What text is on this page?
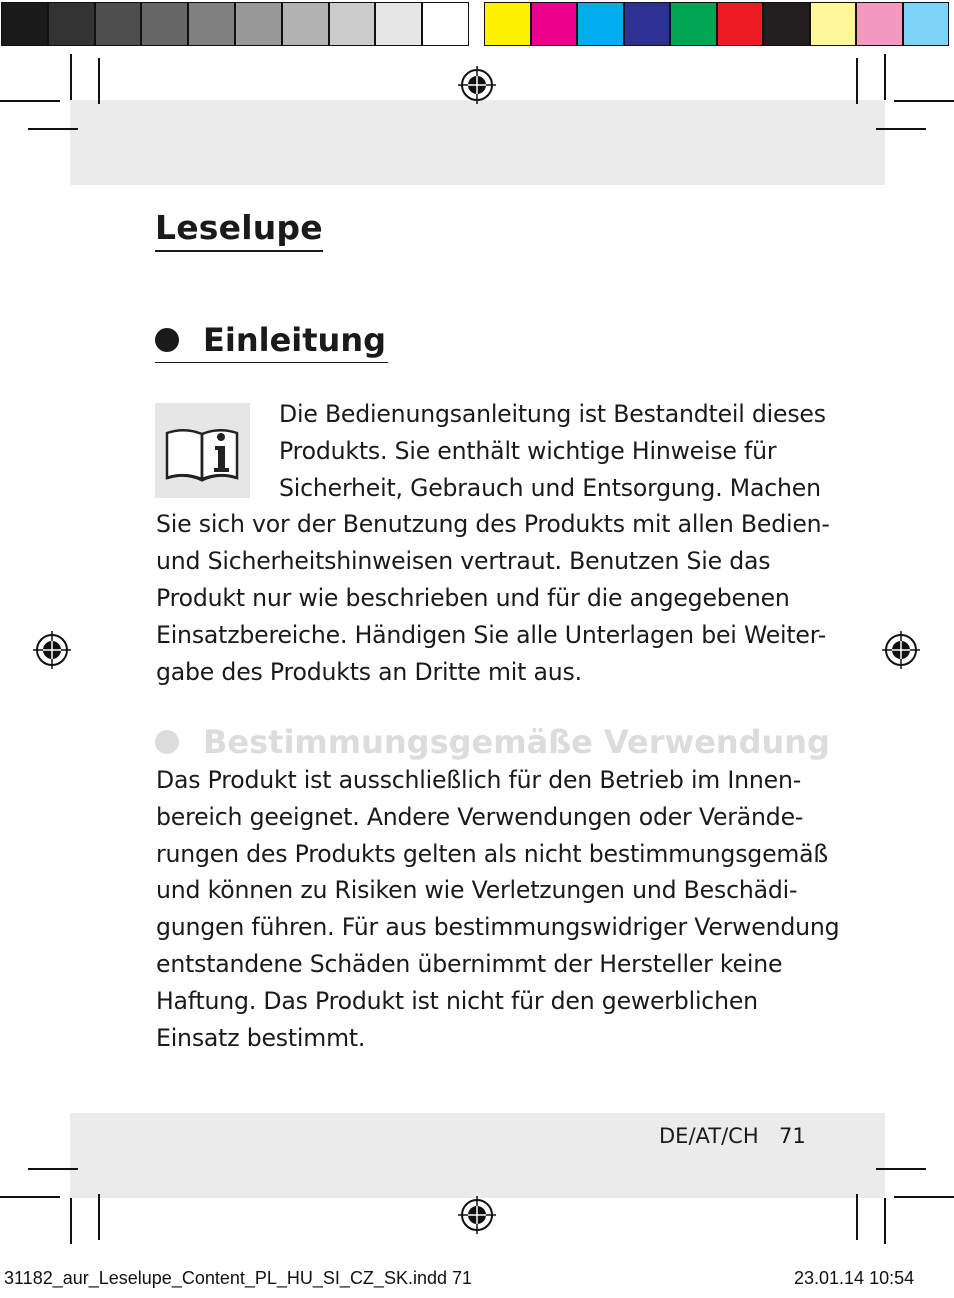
Leselupe
Einleitung

Die Bedienungsanleitung ist Bestandteil dieses
Produkts. Sie enthält wichtige Hinweise für
Sicherheit, Gebrauch und Entsorgung. Machen
Sie sich vor der Benutzung des Produkts mit allen Bedien-
und Sicherheitshinweisen vertraut. Benutzen Sie das
Produkt nur wie beschrieben und für die angegebenen
Einsatzbereiche. Händigen Sie alle Unterlagen bei Weiter-
gabe des Produkts an Dritte mit aus.

Bestimmungsgemäße Verwendung

Das Produkt ist ausschließlich für den Betrieb im Innen-
bereich geeignet. Andere Verwendungen oder Verände-
rungen des Produkts gelten als nicht bestimmungsgemäß
und können zu Risiken wie Verletzungen und Beschädi-
gungen führen. Für aus bestimmungswidriger Verwendung
entstandene Schäden übernimmt der Hersteller keine
Haftung. Das Produkt ist nicht für den gewerblichen
Einsatz bestimmt.

DE/AT/CH 71
31182_aur_Leselupe_Content_PL_HU_SI_CZ_SK.indd 71	23.01.14 10:54
